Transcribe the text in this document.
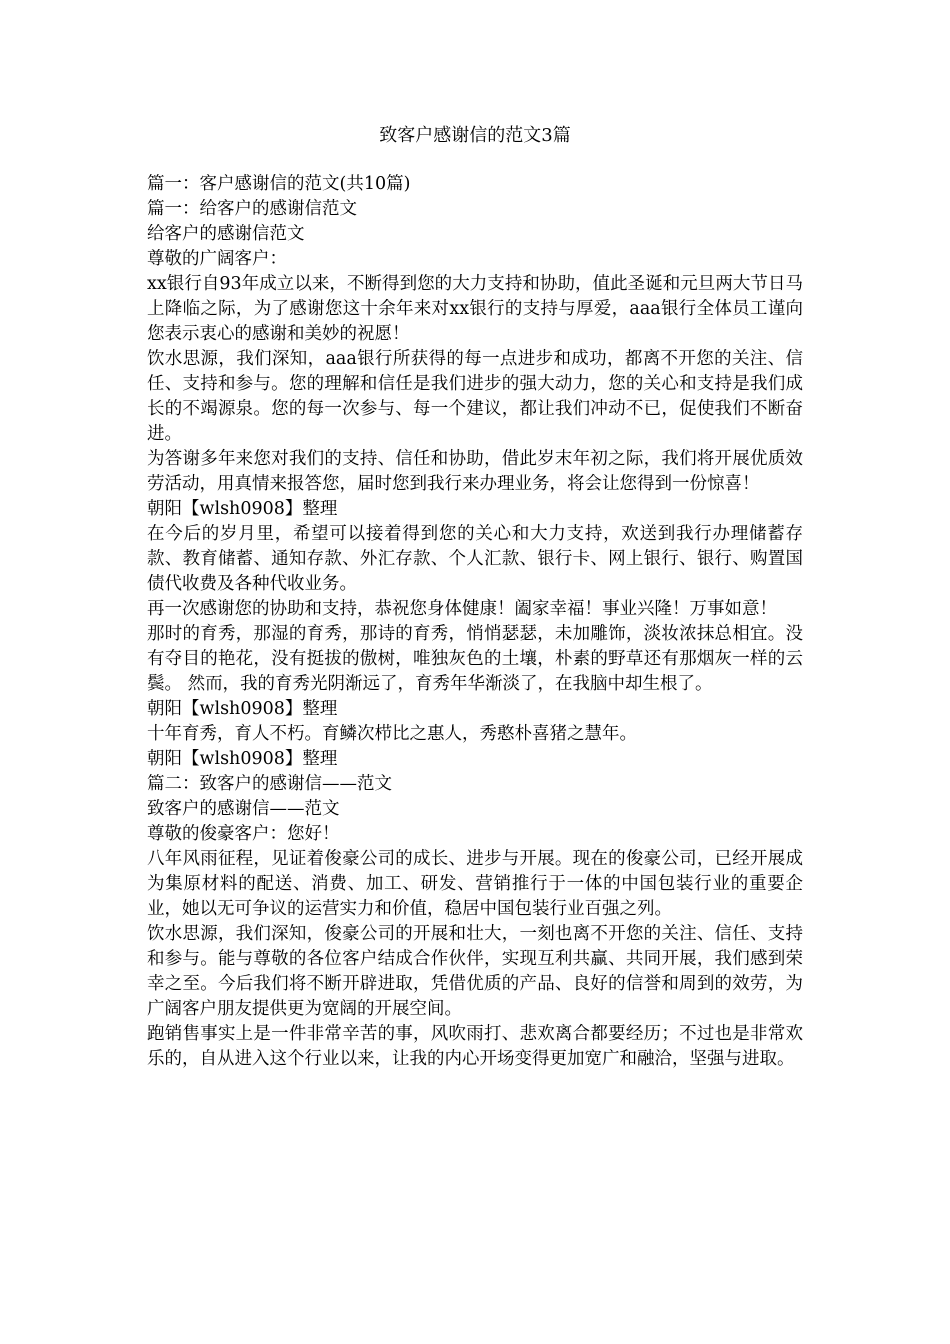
致客户感谢信的范文3篇

篇一：客户感谢信的范文(共10篇)

篇一：给客户的感谢信范文

给客户的感谢信范文

尊敬的广阔客户：

xx银行自93年成立以来，不断得到您的大力支持和协助，值此圣诞和元旦两大节日马上降临之际，为了感谢您这十余年来对xx银行的支持与厚爱，aaa银行全体员工谨向您表示衷心的感谢和美妙的祝愿！

饮水思源，我们深知，aaa银行所获得的每一点进步和成功，都离不开您的关注、信任、支持和参与。您的理解和信任是我们进步的强大动力，您的关心和支持是我们成长的不竭源泉。您的每一次参与、每一个建议，都让我们冲动不已，促使我们不断奋进。

为答谢多年来您对我们的支持、信任和协助，借此岁末年初之际，我们将开展优质效劳活动，用真情来报答您，届时您到我行来办理业务，将会让您得到一份惊喜！

朝阳【wlsh0908】整理

在今后的岁月里，希望可以接着得到您的关心和大力支持，欢送到我行办理储蓄存款、教育储蓄、通知存款、外汇存款、个人汇款、银行卡、网上银行、银行、购置国债代收费及各种代收业务。

再一次感谢您的协助和支持，恭祝您身体健康！阖家幸福！事业兴隆！万事如意！

那时的育秀，那湿的育秀，那诗的育秀，悄悄瑟瑟，未加雕饰，淡妆浓抹总相宜。没有夺目的艳花，没有挺拔的傲树，唯独灰色的土壤，朴素的野草还有那烟灰一样的云鬓。 然而，我的育秀光阴渐远了，育秀年华渐淡了，在我脑中却生根了。

朝阳【wlsh0908】整理

十年育秀，育人不朽。育鳞次栉比之惠人，秀憨朴喜猪之慧年。

朝阳【wlsh0908】整理

篇二：致客户的感谢信——范文

致客户的感谢信——范文

尊敬的俊豪客户：您好！

八年风雨征程，见证着俊豪公司的成长、进步与开展。现在的俊豪公司，已经开展成为集原材料的配送、消费、加工、研发、营销推行于一体的中国包装行业的重要企业，她以无可争议的运营实力和价值，稳居中国包装行业百强之列。

饮水思源，我们深知，俊豪公司的开展和壮大，一刻也离不开您的关注、信任、支持和参与。能与尊敬的各位客户结成合作伙伴，实现互利共赢、共同开展，我们感到荣幸之至。今后我们将不断开辟进取，凭借优质的产品、良好的信誉和周到的效劳，为广阔客户朋友提供更为宽阔的开展空间。

跑销售事实上是一件非常辛苦的事，风吹雨打、悲欢离合都要经历；不过也是非常欢乐的，自从进入这个行业以来，让我的内心开场变得更加宽广和融洽，坚强与进取。
